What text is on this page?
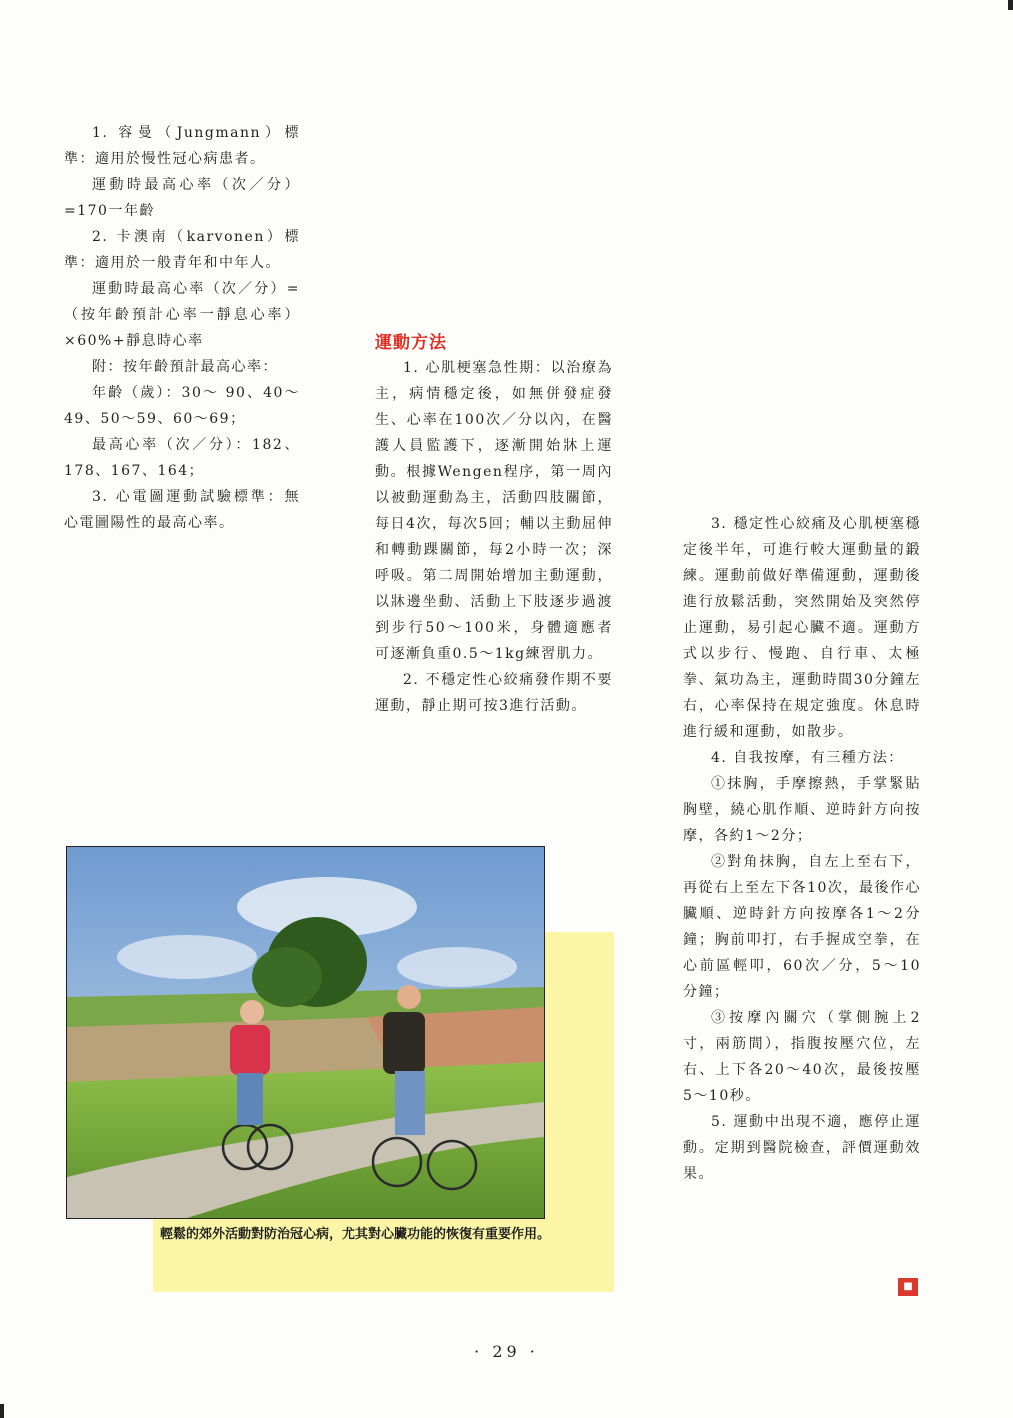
1. 容曼（Jungmann）標準：適用於慢性冠心病患者。

運動時最高心率（次／分）=170一年齡

2. 卡澳南（karvonen）標準：適用於一般青年和中年人。

運動時最高心率（次／分）=（按年齡預計心率一靜息心率）×60%+靜息時心率

附：按年齡預計最高心率：

年齡（歲）：30～ 90、40～49、50～59、60～69；

最高心率（次／分）：182、178、167、164；

3. 心電圖運動試驗標準：無心電圖陽性的最高心率。

運動方法

1. 心肌梗塞急性期：以治療為主，病情穩定後，如無併發症發生、心率在100次／分以內，在醫護人員監護下，逐漸開始牀上運動。根據Wengen程序，第一周內以被動運動為主，活動四肢關節，每日4次，每次5回；輔以主動屈伸和轉動踝關節，每2小時一次；深呼吸。第二周開始增加主動運動，以牀邊坐動、活動上下肢逐步過渡到步行50～100米，身體適應者可逐漸負重0.5～1kg練習肌力。

2. 不穩定性心絞痛發作期不要運動，靜止期可按3進行活動。

3. 穩定性心絞痛及心肌梗塞穩定後半年，可進行較大運動量的鍛練。運動前做好準備運動，運動後進行放鬆活動，突然開始及突然停止運動，易引起心臟不適。運動方式以步行、慢跑、自行車、太極拳、氣功為主，運動時間30分鐘左右，心率保持在規定強度。休息時進行緩和運動，如散步。

4. 自我按摩，有三種方法：

①抹胸，手摩擦熱，手掌緊貼胸壁，繞心肌作順、逆時針方向按摩，各約1～2分；

②對角抹胸，自左上至右下，再從右上至左下各10次，最後作心臟順、逆時針方向按摩各1～2分鐘；胸前叩打，右手握成空拳，在心前區輕叩，60次／分，5～10分鐘；

③按摩內關穴（掌側腕上2寸，兩筋間），指腹按壓穴位，左右、上下各20～40次，最後按壓5～10秒。

5. 運動中出現不適，應停止運動。定期到醫院檢查，評價運動效果。

輕鬆的郊外活動對防治冠心病，尤其對心臟功能的恢復有重要作用。
■
· 29 ·
